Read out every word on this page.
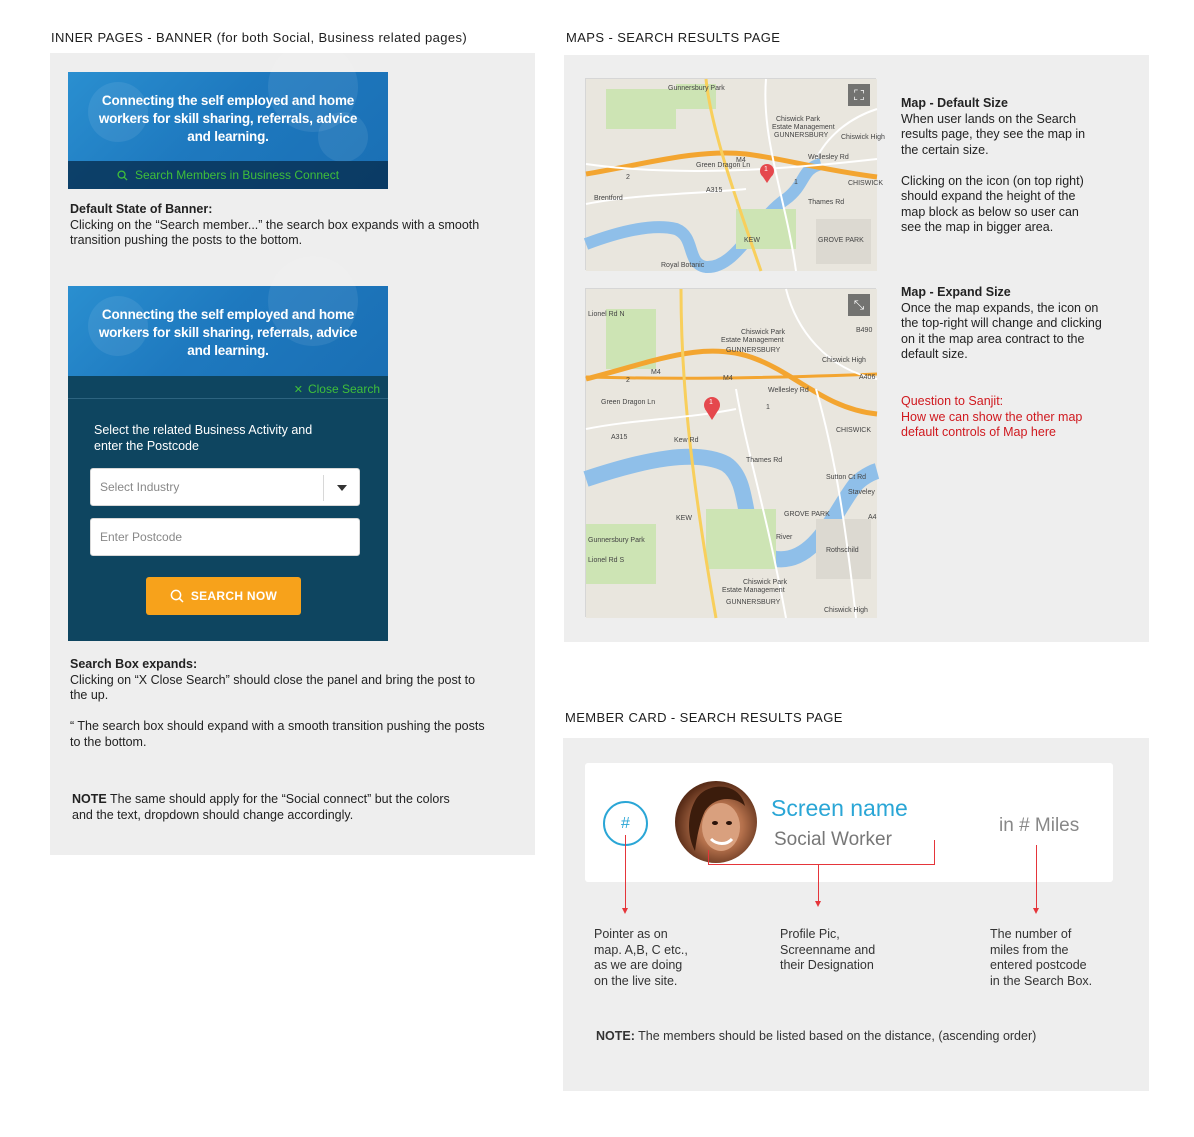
INNER PAGES - BANNER (for both Social, Business related pages)
Connecting the self employed and home
workers for skill sharing, referrals, advice
and learning.
Search Members in Business Connect
Default State of Banner:
Clicking on the “Search member...” the search box expands with a smooth transition pushing the posts to the bottom.
Connecting the self employed and home
workers for skill sharing, referrals, advice
and learning.
✕ Close Search
Select the related Business Activity and
enter the Postcode
Select Industry
Enter Postcode
SEARCH NOW
Search Box expands:
Clicking on “X Close Search” should close the panel and bring the post to the up.

“ The search box should expand with a smooth transition pushing the posts to the bottom.
NOTE The same should apply for the “Social connect” but the colors and the text, dropdown should change accordingly.
MAPS - SEARCH RESULTS PAGE
⛶
Gunnersbury Park
Chiswick Park
Estate Management
GUNNERSBURY Chiswick High
Wellesley Rd
Green Dragon Ln
Brentford
A315
KEW	GROVE PARK
Royal Botanic
Thames Rd
CHISWICK
M4
1
2
1
Map - Default Size
When user lands on the Search results page, they see the map in the certain size.

Clicking on the icon (on top right) should expand the height of the map block as below so user can see the map in bigger area.
⤡
Lionel Rd N
Chiswick Park
Estate Management
GUNNERSBURY
Chiswick High
Wellesley Rd
Green Dragon Ln
A315	Kew Rd
Thames Rd
CHISWICK
KEW
GROVE PARK
Sutton Ct Rd
Staveley
Rothschild
Gunnersbury Park
Lionel Rd S
River
A4
A406
M4
M4
1
2
1
B490
Chiswick Park
Estate Management
GUNNERSBURY
Chiswick High
Map - Expand Size
Once the map expands, the icon on the top-right will change and clicking on it the map area contract to the default size.
Question to Sanjit:
How we can show the other map default controls of Map here
MEMBER CARD - SEARCH RESULTS PAGE
#
Screen name
Social Worker
in # Miles
Pointer as on
map. A,B, C etc.,
as we are doing
on the live site.
Profile Pic,
Screenname and
their Designation
The number of
miles from the
entered postcode
in the Search Box.
NOTE: The members should be listed based on the distance, (ascending order)
